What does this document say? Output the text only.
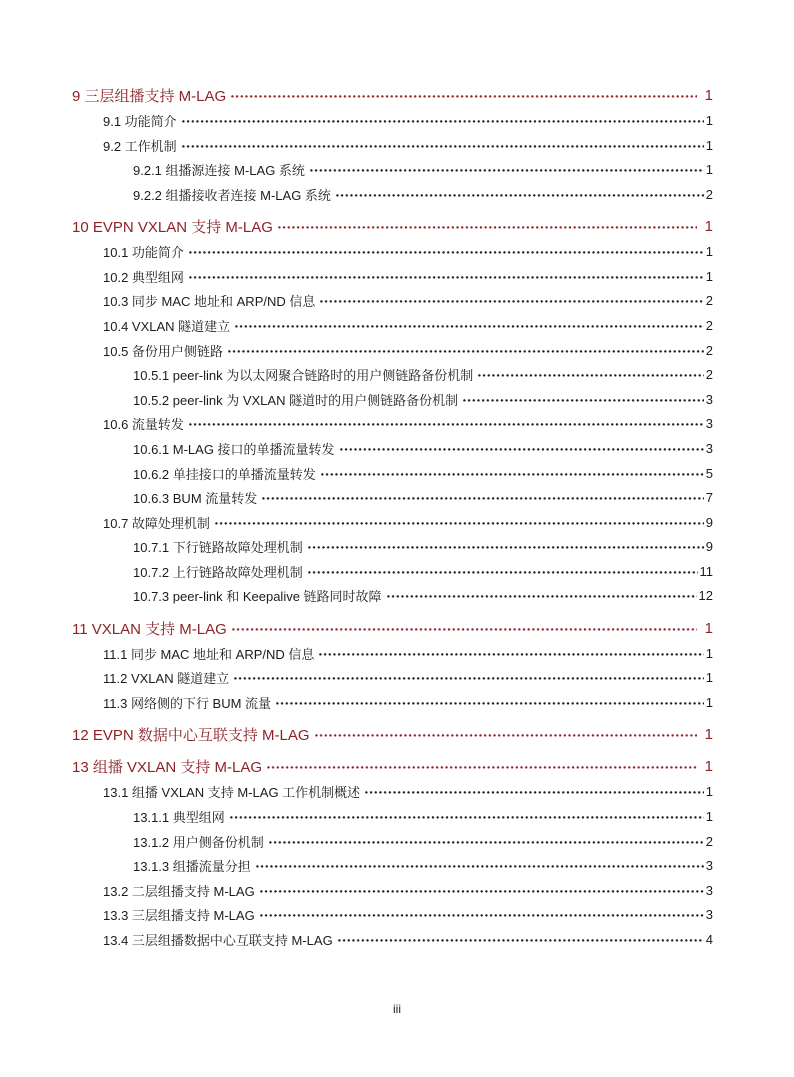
9 三层组播支持 M-LAG	1
9.1 功能简介	1
9.2 工作机制	1
9.2.1 组播源连接 M-LAG 系统	1
9.2.2 组播接收者连接 M-LAG 系统	2
10 EVPN VXLAN 支持 M-LAG	1
10.1 功能简介	1
10.2 典型组网	1
10.3 同步 MAC 地址和 ARP/ND 信息	2
10.4 VXLAN 隧道建立	2
10.5 备份用户侧链路	2
10.5.1 peer-link 为以太网聚合链路时的用户侧链路备份机制	2
10.5.2 peer-link 为 VXLAN 隧道时的用户侧链路备份机制	3
10.6 流量转发	3
10.6.1 M-LAG 接口的单播流量转发	3
10.6.2 单挂接口的单播流量转发	5
10.6.3 BUM 流量转发	7
10.7 故障处理机制	9
10.7.1 下行链路故障处理机制	9
10.7.2 上行链路故障处理机制	11
10.7.3 peer-link 和 Keepalive 链路同时故障	12
11 VXLAN 支持 M-LAG	1
11.1 同步 MAC 地址和 ARP/ND 信息	1
11.2 VXLAN 隧道建立	1
11.3 网络侧的下行 BUM 流量	1
12 EVPN 数据中心互联支持 M-LAG	1
13 组播 VXLAN 支持 M-LAG	1
13.1 组播 VXLAN 支持 M-LAG 工作机制概述	1
13.1.1 典型组网	1
13.1.2 用户侧备份机制	2
13.1.3 组播流量分担	3
13.2 二层组播支持 M-LAG	3
13.3 三层组播支持 M-LAG	3
13.4 三层组播数据中心互联支持 M-LAG	4
iii
